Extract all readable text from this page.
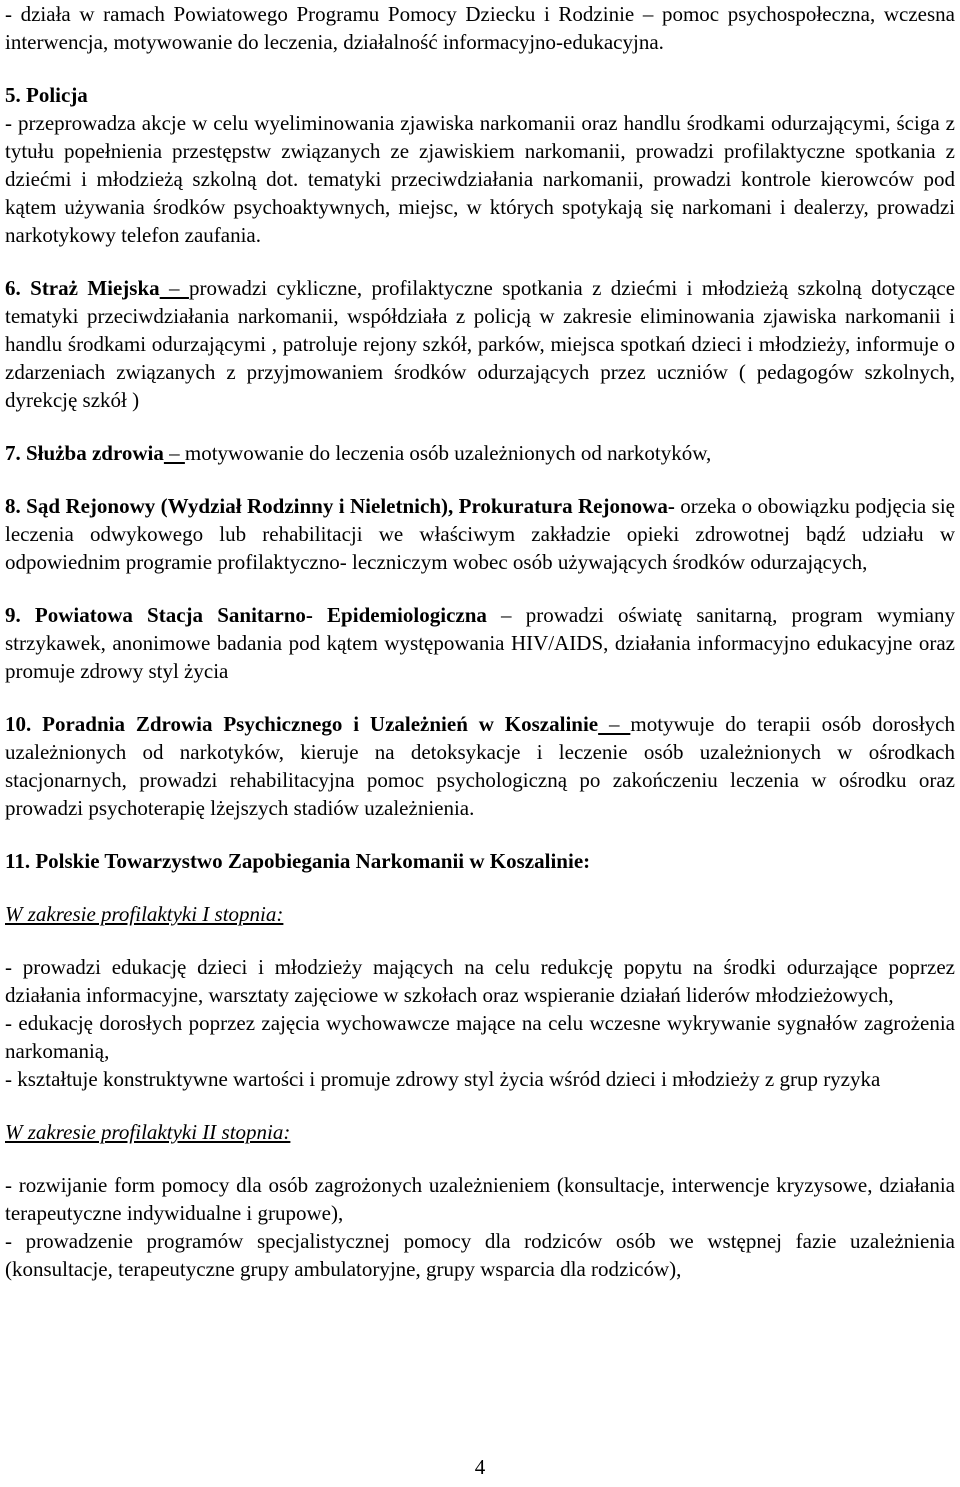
- działa w ramach Powiatowego Programu Pomocy Dziecku i Rodzinie – pomoc psychospołeczna, wczesna interwencja, motywowanie do leczenia, działalność informacyjno-edukacyjna.

5. Policja
- przeprowadza akcje w celu wyeliminowania zjawiska narkomanii oraz handlu środkami odurzającymi, ściga z tytułu popełnienia przestępstw związanych ze zjawiskiem narkomanii, prowadzi profilaktyczne spotkania z dziećmi i młodzieżą szkolną dot. tematyki przeciwdziałania narkomanii, prowadzi kontrole kierowców pod kątem używania środków psychoaktywnych, miejsc, w których spotykają się narkomani i dealerzy, prowadzi narkotykowy telefon zaufania.

6. Straż Miejska – prowadzi cykliczne, profilaktyczne spotkania z dziećmi i młodzieżą szkolną dotyczące tematyki przeciwdziałania narkomanii, współdziała z policją w zakresie eliminowania zjawiska narkomanii i handlu środkami odurzającymi , patroluje rejony szkół, parków, miejsca spotkań dzieci i młodzieży, informuje o zdarzeniach związanych z przyjmowaniem środków odurzających przez uczniów ( pedagogów szkolnych, dyrekcję szkół )

7. Służba zdrowia – motywowanie do leczenia osób uzależnionych od narkotyków,

8. Sąd Rejonowy (Wydział Rodzinny i Nieletnich), Prokuratura Rejonowa- orzeka o obowiązku podjęcia się leczenia odwykowego lub rehabilitacji we właściwym zakładzie opieki zdrowotnej bądź udziału w odpowiednim programie profilaktyczno- leczniczym wobec osób używających środków odurzających,

9. Powiatowa Stacja Sanitarno- Epidemiologiczna – prowadzi oświatę sanitarną, program wymiany strzykawek, anonimowe badania pod kątem występowania HIV/AIDS, działania informacyjno edukacyjne oraz promuje zdrowy styl życia

10. Poradnia Zdrowia Psychicznego i Uzależnień w Koszalinie – motywuje do terapii osób dorosłych uzależnionych od narkotyków, kieruje na detoksykacje i leczenie osób uzależnionych w ośrodkach stacjonarnych, prowadzi rehabilitacyjna pomoc psychologiczną po zakończeniu leczenia w ośrodku oraz prowadzi psychoterapię lżejszych stadiów uzależnienia.

11. Polskie Towarzystwo Zapobiegania Narkomanii w Koszalinie:

W zakresie profilaktyki I stopnia:

- prowadzi edukację dzieci i młodzieży mających na celu redukcję popytu na środki odurzające poprzez działania informacyjne, warsztaty zajęciowe w szkołach oraz wspieranie działań liderów młodzieżowych,

- edukację dorosłych poprzez zajęcia wychowawcze mające na celu wczesne wykrywanie sygnałów zagrożenia narkomanią,

- kształtuje konstruktywne wartości i promuje zdrowy styl życia wśród dzieci i młodzieży z grup ryzyka

W zakresie profilaktyki II stopnia:

- rozwijanie form pomocy dla osób zagrożonych uzależnieniem (konsultacje, interwencje kryzysowe, działania terapeutyczne indywidualne i grupowe),

- prowadzenie programów specjalistycznej pomocy dla rodziców osób we wstępnej fazie uzależnienia (konsultacje, terapeutyczne grupy ambulatoryjne, grupy wsparcia dla rodziców),

4
